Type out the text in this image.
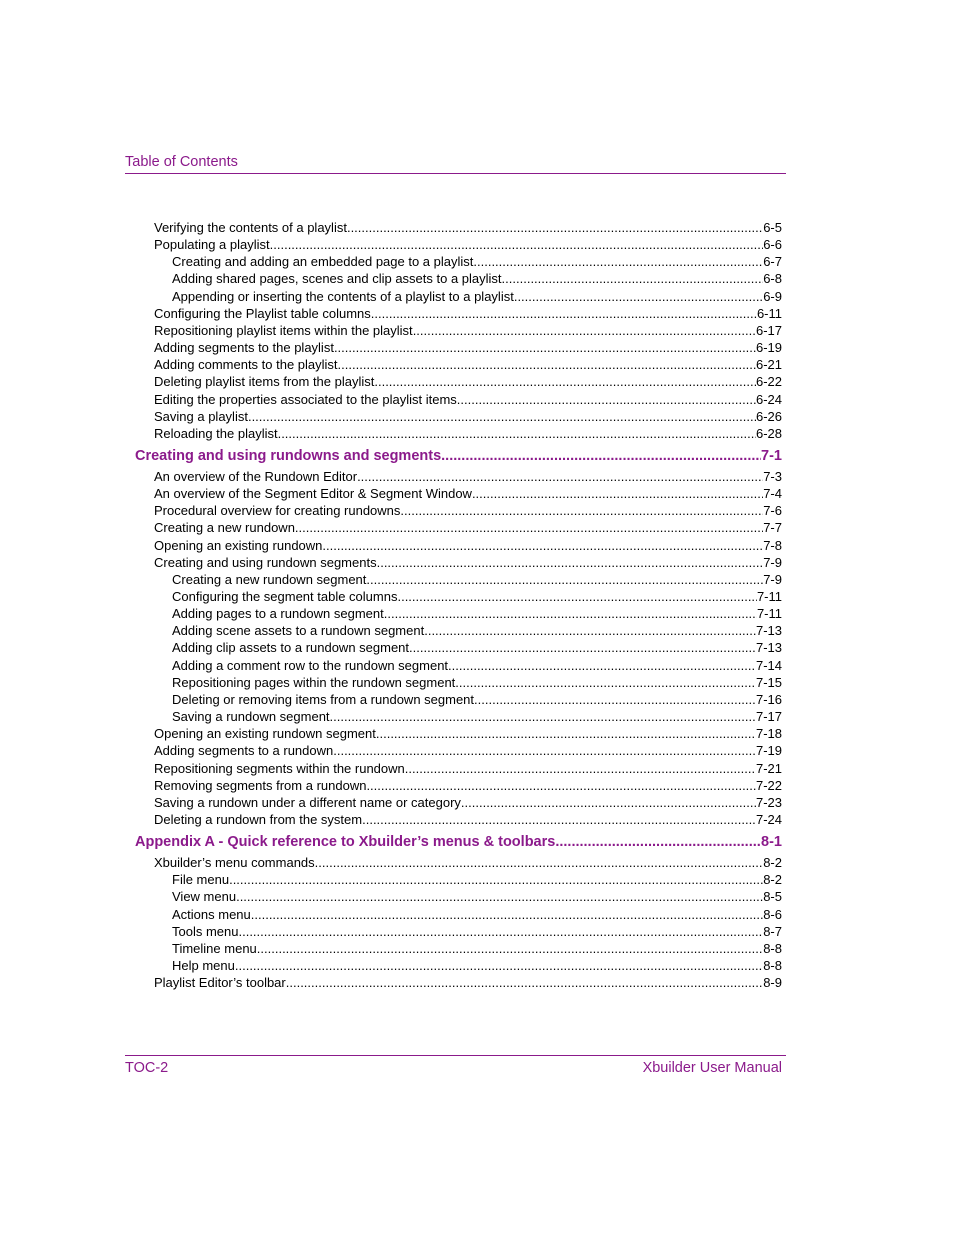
Table of Contents
Verifying the contents of a playlist .....	6-5
Populating a playlist .....	6-6
Creating and adding an embedded page to a playlist .....	6-7
Adding shared pages, scenes and clip assets to a playlist .....	6-8
Appending or inserting the contents of a playlist to a playlist .....	6-9
Configuring the Playlist table columns .....	6-11
Repositioning playlist items within the playlist .....	6-17
Adding segments to the playlist .....	6-19
Adding comments to the playlist .....	6-21
Deleting playlist items from the playlist .....	6-22
Editing the properties associated to the playlist items .....	6-24
Saving a playlist .....	6-26
Reloading the playlist .....	6-28
Creating and using rundowns and segments .....	7-1
An overview of the Rundown Editor .....	7-3
An overview of the Segment Editor & Segment Window .....	7-4
Procedural overview for creating rundowns .....	7-6
Creating a new rundown .....	7-7
Opening an existing rundown .....	7-8
Creating and using rundown segments .....	7-9
Creating a new rundown segment .....	7-9
Configuring the segment table columns .....	7-11
Adding pages to a rundown segment .....	7-11
Adding scene assets to a rundown segment .....	7-13
Adding clip assets to a rundown segment .....	7-13
Adding a comment row to the rundown segment .....	7-14
Repositioning pages within the rundown segment .....	7-15
Deleting or removing items from a rundown segment .....	7-16
Saving a rundown segment .....	7-17
Opening an existing rundown segment .....	7-18
Adding segments to a rundown .....	7-19
Repositioning segments within the rundown .....	7-21
Removing segments from a rundown .....	7-22
Saving a rundown under a different name or category .....	7-23
Deleting a rundown from the system .....	7-24
Appendix A - Quick reference to Xbuilder’s menus & toolbars .....	8-1
Xbuilder’s menu commands .....	8-2
File menu .....	8-2
View menu .....	8-5
Actions menu .....	8-6
Tools menu .....	8-7
Timeline menu .....	8-8
Help menu .....	8-8
Playlist Editor’s toolbar .....	8-9
TOC-2	Xbuilder User Manual
